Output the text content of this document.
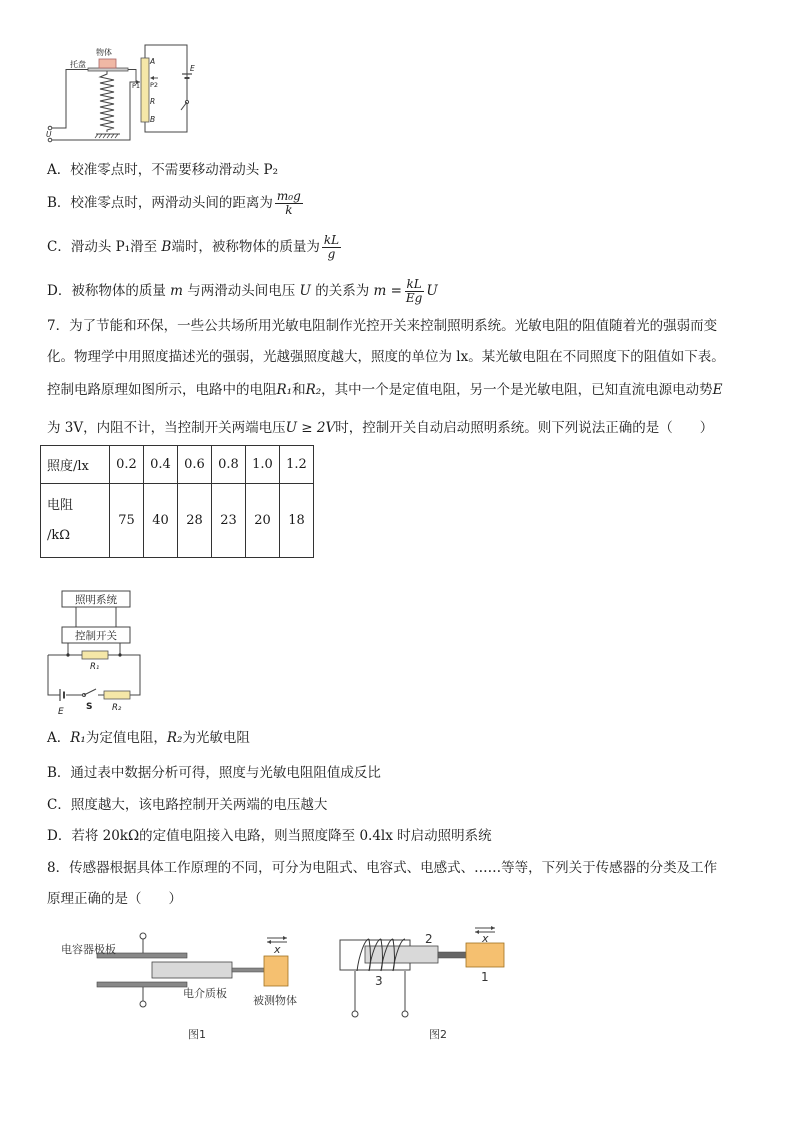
物体
托盘	A
B
P1 P2
R
E
U
A．校准零点时，不需要移动滑动头 P₂
B．校准零点时，两滑动头间的距离为 $\frac{\text{m₀g}}{k}$
C．滑动头 P₁滑至 B端时，被称物体的质量为 $\frac{kL}{g}$
D．被称物体的质量 m 与两滑动头间电压 U 的关系为 $m = \frac{kL}{Eg}$ U
7．为了节能和环保，一些公共场所用光敏电阻制作光控开关来控制照明系统。光敏电阻的阻值随着光的强弱而变
化。物理学中用照度描述光的强弱，光越强照度越大，照度的单位为 lx。某光敏电阻在不同照度下的阻值如下表。
控制电路原理如图所示，电路中的电阻R₁和R₂，其中一个是定值电阻，另一个是光敏电阻，已知直流电源电动势E
为 3V，内阻不计，当控制开关两端电压U ≥ 2V时，控制开关自动启动照明系统。则下列说法正确的是（　　）
照度/lx	0.2	0.4	0.6	0.8	1.0	1.2

电阻
/kΩ	75	40	28	23	20	18
照明系统
控制开关
R₁
R₂
E S
A．R₁为定值电阻，R₂为光敏电阻
B．通过表中数据分析可得，照度与光敏电阻阻值成反比
C．照度越大，该电路控制开关两端的电压越大
D．若将 20kΩ的定值电阻接入电路，则当照度降至 0.4lx 时启动照明系统
8．传感器根据具体工作原理的不同，可分为电阻式、电容式、电感式、……等等，下列关于传感器的分类及工作
原理正确的是（　　）
电容器极板
电介质板
被测物体
x
图1
2
1
3
x
图2
